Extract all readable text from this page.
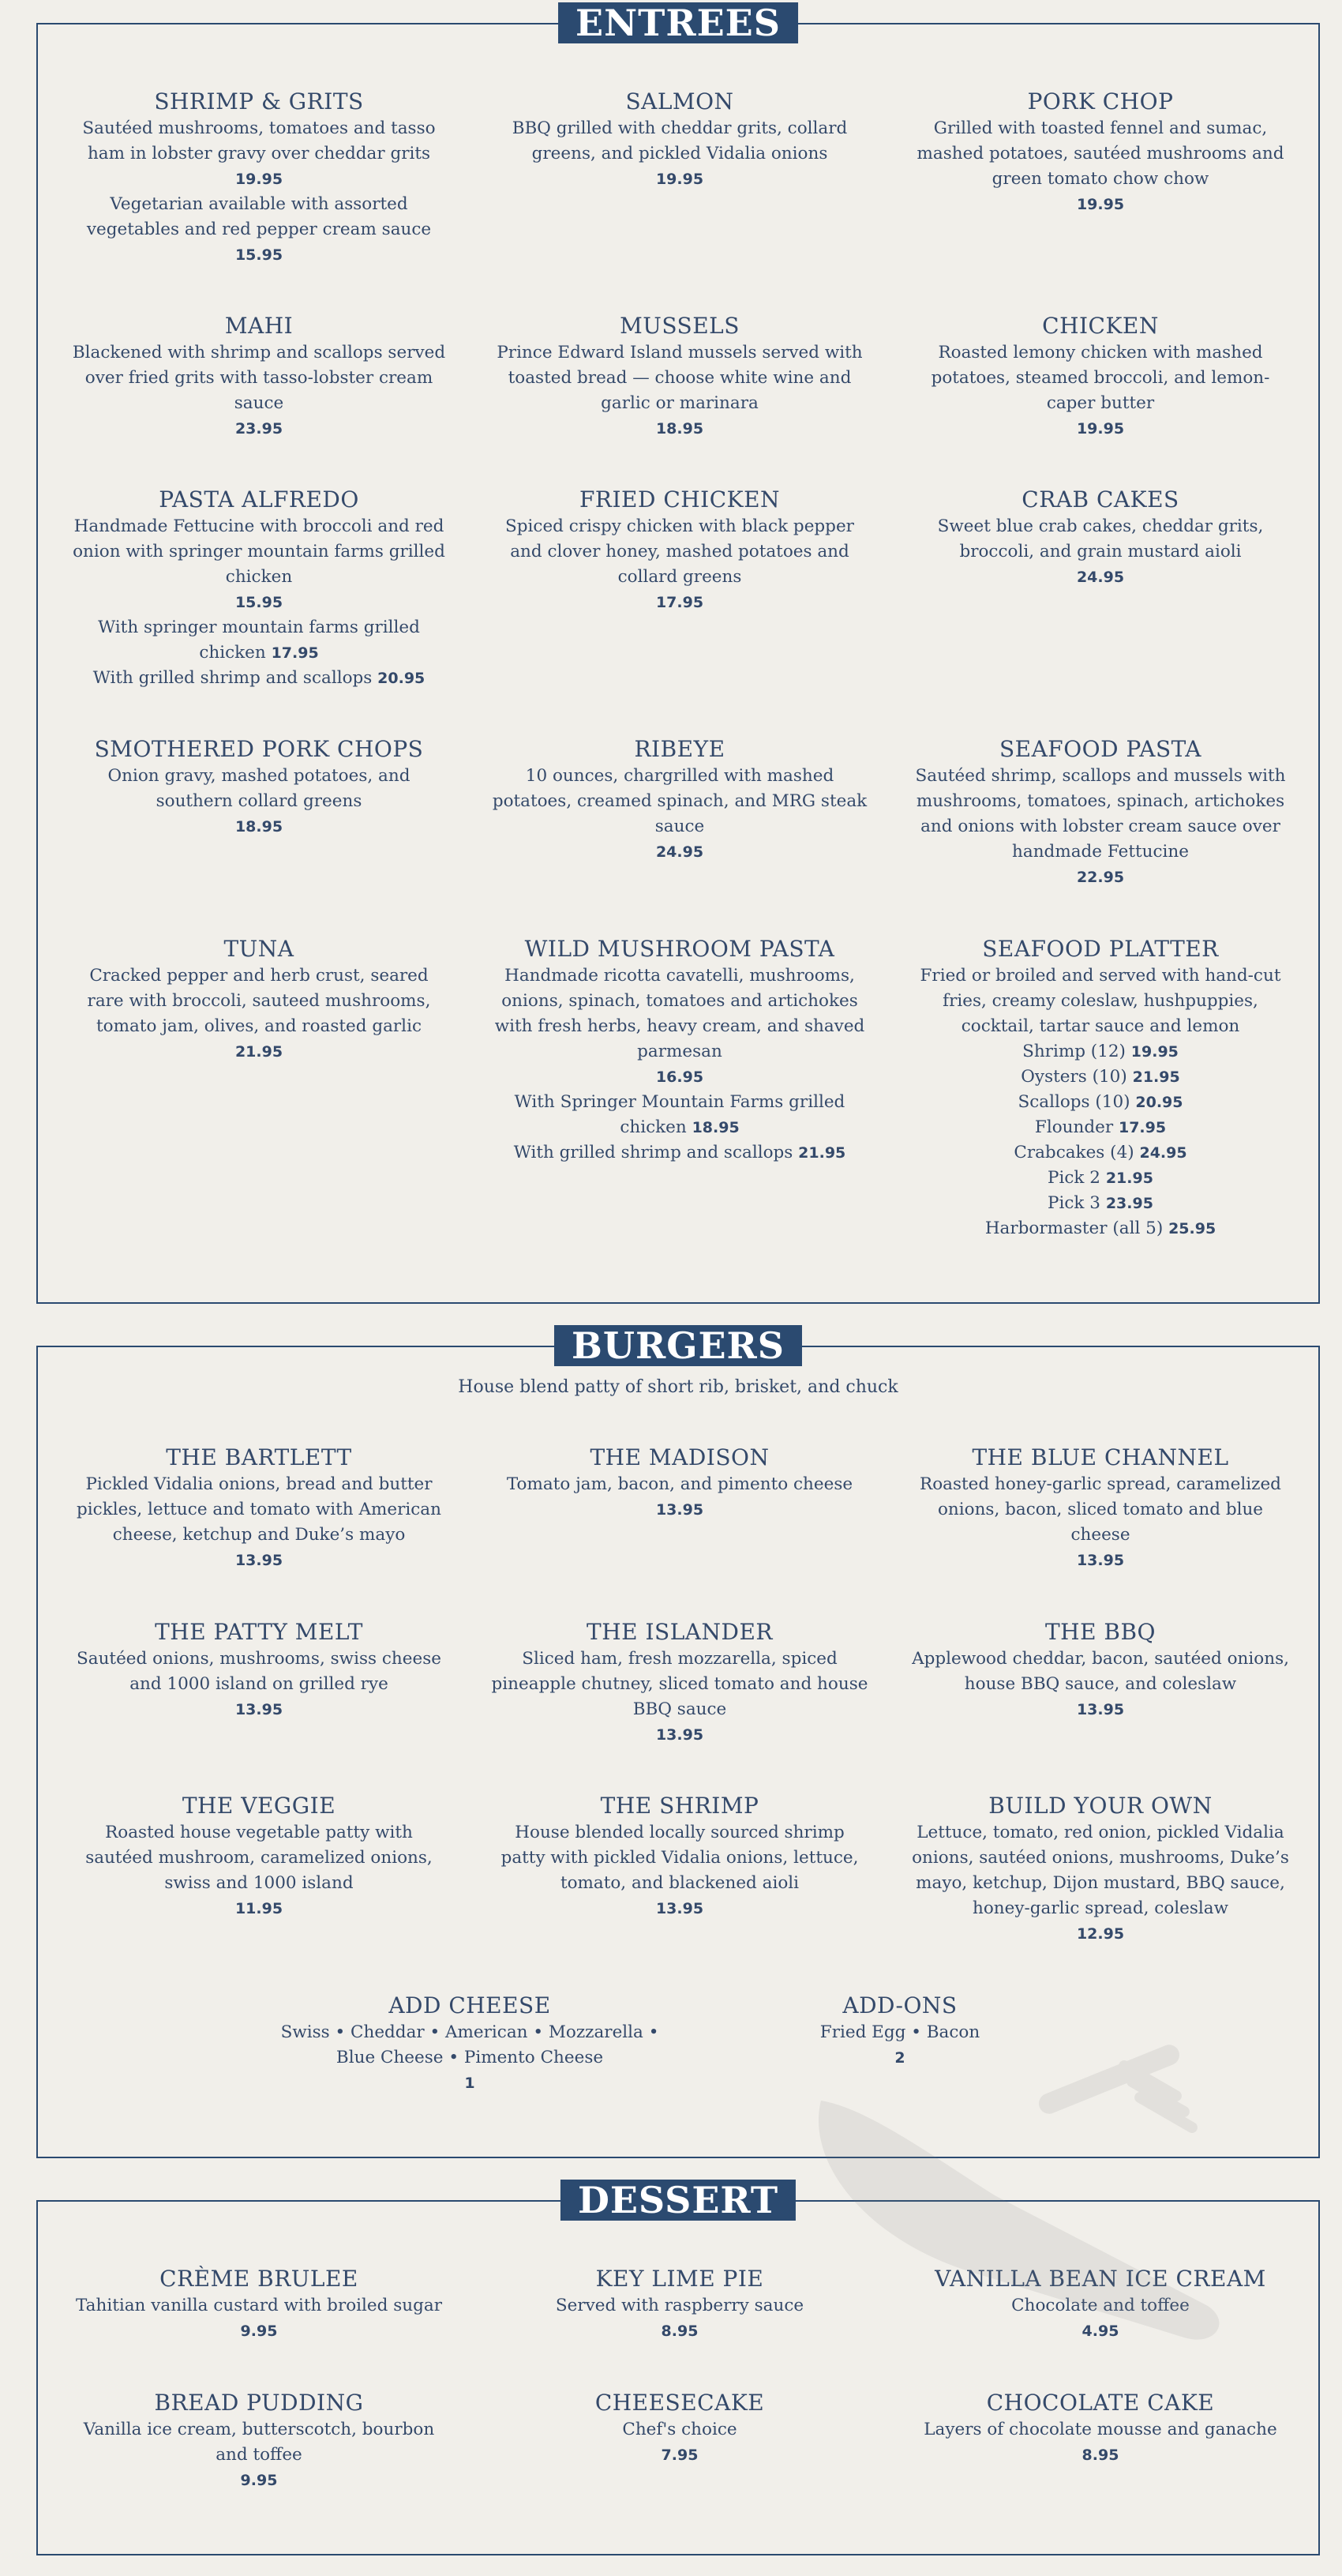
ENTREES
SHRIMP & GRITS
Sautéed mushrooms, tomatoes and tasso ham in lobster gravy over cheddar grits
19.95
Vegetarian available with assorted vegetables and red pepper cream sauce
15.95
SALMON
BBQ grilled with cheddar grits, collard greens, and pickled Vidalia onions
19.95
PORK CHOP
Grilled with toasted fennel and sumac, mashed potatoes, sautéed mushrooms and green tomato chow chow
19.95
MAHI
Blackened with shrimp and scallops served over fried grits with tasso-lobster cream sauce
23.95
MUSSELS
Prince Edward Island mussels served with toasted bread — choose white wine and garlic or marinara
18.95
CHICKEN
Roasted lemony chicken with mashed potatoes, steamed broccoli, and lemon-caper butter
19.95
PASTA ALFREDO
Handmade Fettucine with broccoli and red onion with springer mountain farms grilled chicken
15.95
With springer mountain farms grilled chicken 17.95
With grilled shrimp and scallops 20.95
FRIED CHICKEN
Spiced crispy chicken with black pepper and clover honey, mashed potatoes and collard greens
17.95
CRAB CAKES
Sweet blue crab cakes, cheddar grits, broccoli, and grain mustard aioli
24.95
SMOTHERED PORK CHOPS
Onion gravy, mashed potatoes, and southern collard greens
18.95
RIBEYE
10 ounces, chargrilled with mashed potatoes, creamed spinach, and MRG steak sauce
24.95
SEAFOOD PASTA
Sautéed shrimp, scallops and mussels with mushrooms, tomatoes, spinach, artichokes and onions with lobster cream sauce over handmade Fettucine
22.95
TUNA
Cracked pepper and herb crust, seared rare with broccoli, sauteed mushrooms, tomato jam, olives, and roasted garlic
21.95
WILD MUSHROOM PASTA
Handmade ricotta cavatelli, mushrooms, onions, spinach, tomatoes and artichokes with fresh herbs, heavy cream, and shaved parmesan
16.95
With Springer Mountain Farms grilled chicken 18.95
With grilled shrimp and scallops 21.95
SEAFOOD PLATTER
Fried or broiled and served with hand-cut fries, creamy coleslaw, hushpuppies, cocktail, tartar sauce and lemon
Shrimp (12) 19.95
Oysters (10) 21.95
Scallops (10) 20.95
Flounder 17.95
Crabcakes (4) 24.95
Pick 2 21.95
Pick 3 23.95
Harbormaster (all 5) 25.95
BURGERS
House blend patty of short rib, brisket, and chuck
THE BARTLETT
Pickled Vidalia onions, bread and butter pickles, lettuce and tomato with American cheese, ketchup and Duke’s mayo
13.95
THE MADISON
Tomato jam, bacon, and pimento cheese
13.95
THE BLUE CHANNEL
Roasted honey-garlic spread, caramelized onions, bacon, sliced tomato and blue cheese
13.95
THE PATTY MELT
Sautéed onions, mushrooms, swiss cheese and 1000 island on grilled rye
13.95
THE ISLANDER
Sliced ham, fresh mozzarella, spiced pineapple chutney, sliced tomato and house BBQ sauce
13.95
THE BBQ
Applewood cheddar, bacon, sautéed onions, house BBQ sauce, and coleslaw
13.95
THE VEGGIE
Roasted house vegetable patty with sautéed mushroom, caramelized onions, swiss and 1000 island
11.95
THE SHRIMP
House blended locally sourced shrimp patty with pickled Vidalia onions, lettuce, tomato, and blackened aioli
13.95
BUILD YOUR OWN
Lettuce, tomato, red onion, pickled Vidalia onions, sautéed onions, mushrooms, Duke’s mayo, ketchup, Dijon mustard, BBQ sauce, honey-garlic spread, coleslaw
12.95
ADD CHEESE
Swiss • Cheddar • American • Mozzarella • Blue Cheese • Pimento Cheese
1
ADD-ONS
Fried Egg • Bacon
2
DESSERT
CRÈME BRULEE
Tahitian vanilla custard with broiled sugar
9.95
KEY LIME PIE
Served with raspberry sauce
8.95
VANILLA BEAN ICE CREAM
Chocolate and toffee
4.95
BREAD PUDDING
Vanilla ice cream, butterscotch, bourbon and toffee
9.95
CHEESECAKE
Chef's choice
7.95
CHOCOLATE CAKE
Layers of chocolate mousse and ganache
8.95
